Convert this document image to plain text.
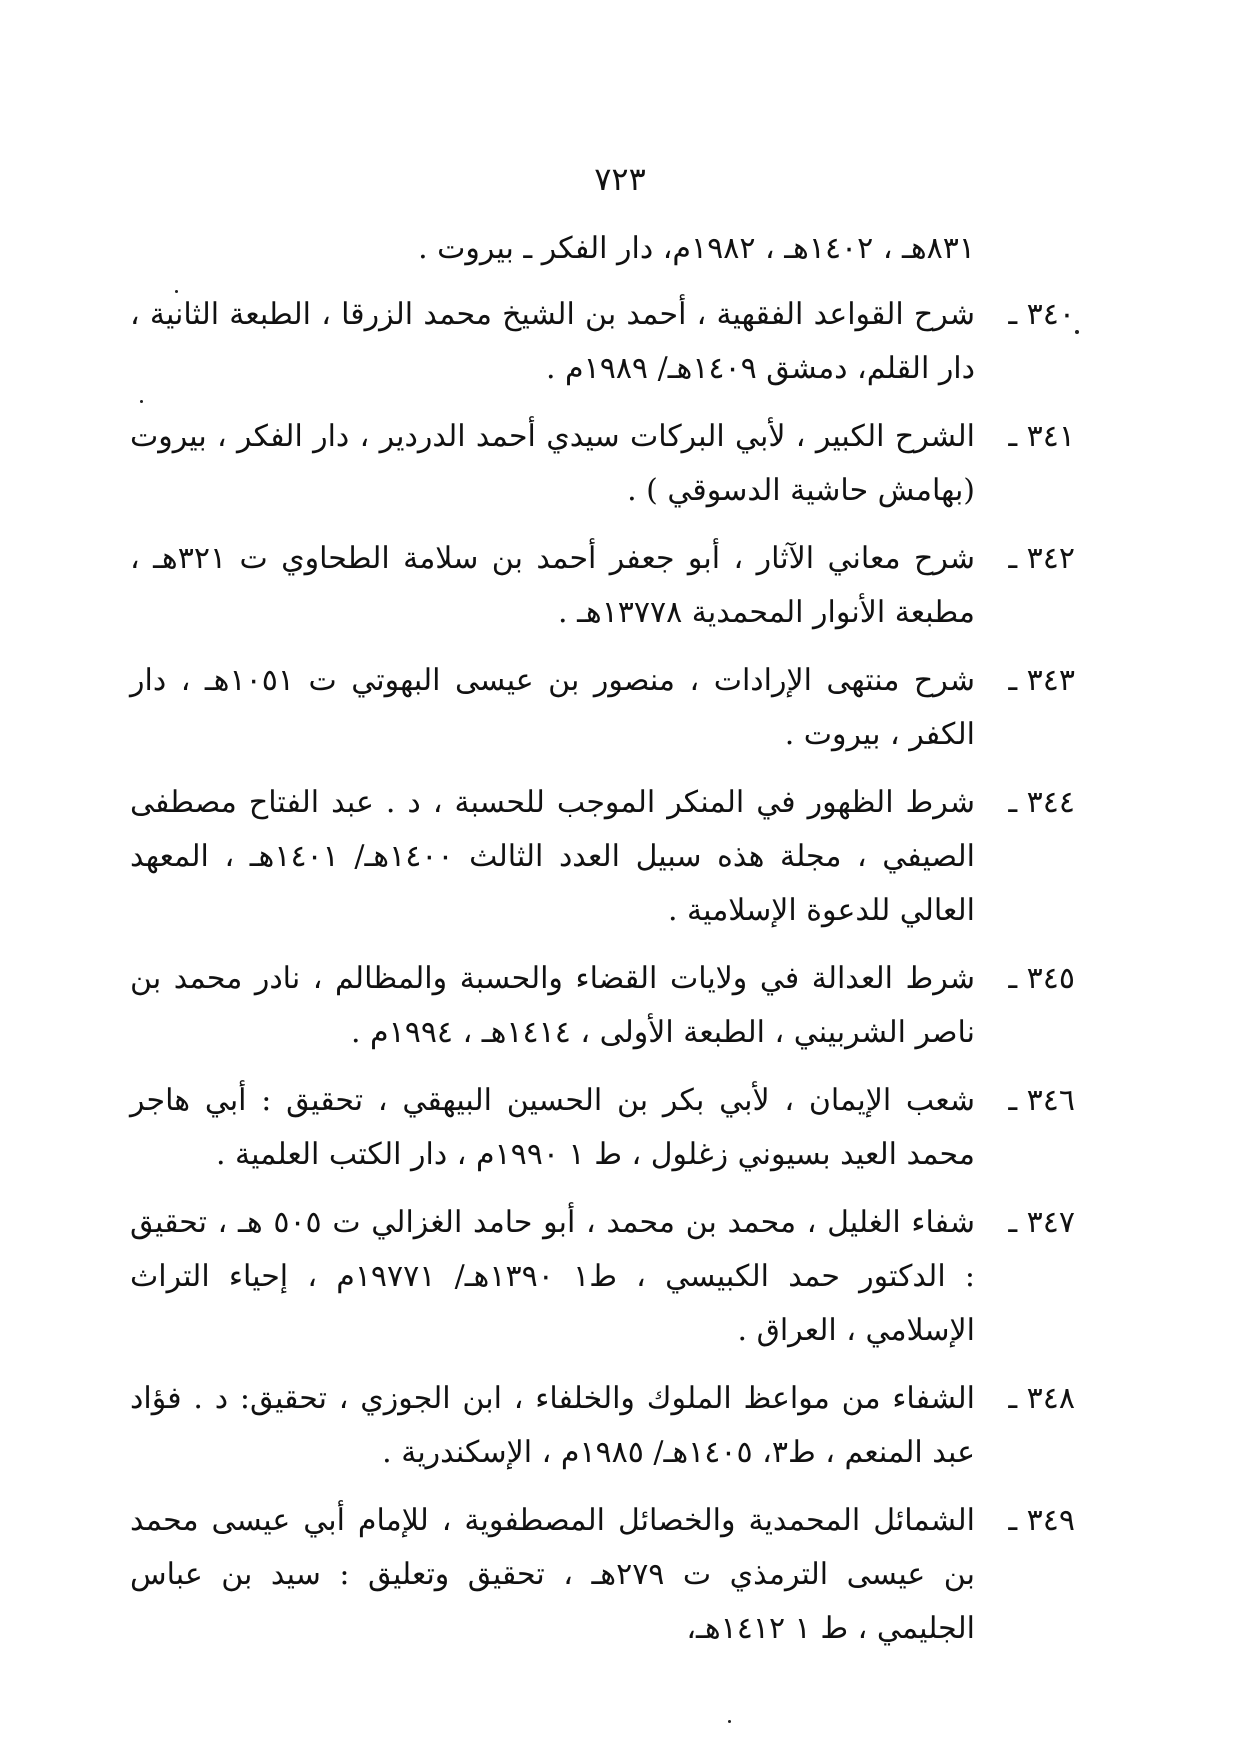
٧٢٣
٨٣١هـ ، ١٤٠٢هـ ، ١٩٨٢م، دار الفكر ـ بيروت .
٣٤٠ ـ
شرح القواعد الفقهية ، أحمد بن الشيخ محمد الزرقا ، الطبعة الثانية ، دار القلم، دمشق ١٤٠٩هـ/ ١٩٨٩م .
٣٤١ ـ
الشرح الكبير ، لأبي البركات سيدي أحمد الدردير ، دار الفكر ، بيروت (بهامش حاشية الدسوقي ) .
٣٤٢ ـ
شرح معاني الآثار ، أبو جعفر أحمد بن سلامة الطحاوي ت ٣٢١هـ ، مطبعة الأنوار المحمدية ١٣٧٧٨هـ .
٣٤٣ ـ
شرح منتهى الإرادات ، منصور بن عيسى البهوتي ت ١٠٥١هـ ، دار الكفر ، بيروت .
٣٤٤ ـ
شرط الظهور في المنكر الموجب للحسبة ، د . عبد الفتاح مصطفى الصيفي ، مجلة هذه سبيل العدد الثالث ١٤٠٠هـ/ ١٤٠١هـ ، المعهد العالي للدعوة الإسلامية .
٣٤٥ ـ
شرط العدالة في ولايات القضاء والحسبة والمظالم ، نادر محمد بن ناصر الشربيني ، الطبعة الأولى ، ١٤١٤هـ ، ١٩٩٤م .
٣٤٦ ـ
شعب الإيمان ، لأبي بكر بن الحسين البيهقي ، تحقيق : أبي هاجر محمد العيد بسيوني زغلول ، ط ١ ١٩٩٠م ، دار الكتب العلمية .
٣٤٧ ـ
شفاء الغليل ، محمد بن محمد ، أبو حامد الغزالي ت ٥٠٥ هـ ، تحقيق : الدكتور حمد الكبيسي ، ط١ ١٣٩٠هـ/ ١٩٧٧١م ، إحياء التراث الإسلامي ، العراق .
٣٤٨ ـ
الشفاء من مواعظ الملوك والخلفاء ، ابن الجوزي ، تحقيق: د . فؤاد عبد المنعم ، ط٣، ١٤٠٥هـ/ ١٩٨٥م ، الإسكندرية .
٣٤٩ ـ
الشمائل المحمدية والخصائل المصطفوية ، للإمام أبي عيسى محمد بن عيسى الترمذي ت ٢٧٩هـ ، تحقيق وتعليق : سيد بن عباس الجليمي ، ط ١ ١٤١٢هـ،
